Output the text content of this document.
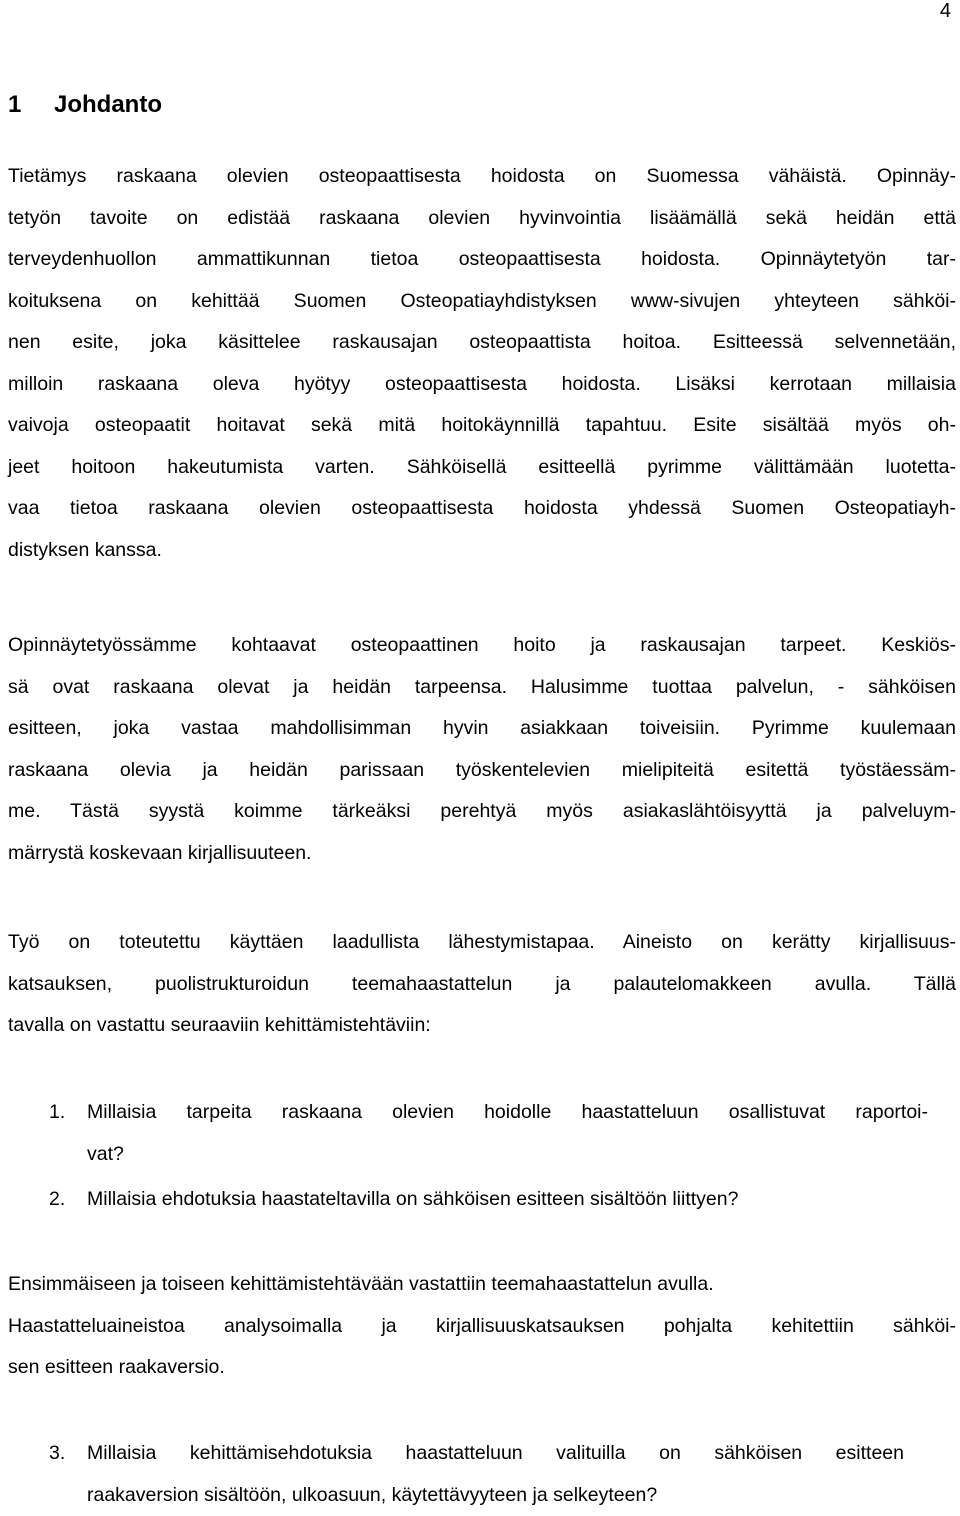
4
1 Johdanto
Tietämys raskaana olevien osteopaattisesta hoidosta on Suomessa vähäistä. Opinnäy-
tetyön tavoite on edistää raskaana olevien hyvinvointia lisäämällä sekä heidän että
terveydenhuollon ammattikunnan tietoa osteopaattisesta hoidosta. Opinnäytetyön tar-
koituksena on kehittää Suomen Osteopatiayhdistyksen www-sivujen yhteyteen sähköi-
nen esite, joka käsittelee raskausajan osteopaattista hoitoa. Esitteessä selvennetään,
milloin raskaana oleva hyötyy osteopaattisesta hoidosta. Lisäksi kerrotaan millaisia
vaivoja osteopaatit hoitavat sekä mitä hoitokäynnillä tapahtuu. Esite sisältää myös oh-
jeet hoitoon hakeutumista varten. Sähköisellä esitteellä pyrimme välittämään luotetta-
vaa tietoa raskaana olevien osteopaattisesta hoidosta yhdessä Suomen Osteopatiayh-
distyksen kanssa.
Opinnäytetyössämme kohtaavat osteopaattinen hoito ja raskausajan tarpeet. Keskiös-
sä ovat raskaana olevat ja heidän tarpeensa. Halusimme tuottaa palvelun, - sähköisen
esitteen, joka vastaa mahdollisimman hyvin asiakkaan toiveisiin. Pyrimme kuulemaan
raskaana olevia ja heidän parissaan työskentelevien mielipiteitä esitettä työstäessäm-
me. Tästä syystä koimme tärkeäksi perehtyä myös asiakaslähtöisyyttä ja palveluym-
märrystä koskevaan kirjallisuuteen.
Työ on toteutettu käyttäen laadullista lähestymistapaa. Aineisto on kerätty kirjallisuus-
katsauksen, puolistrukturoidun teemahaastattelun ja palautelomakkeen avulla. Tällä
tavalla on vastattu seuraaviin kehittämistehtäviin:
1. Millaisia tarpeita raskaana olevien hoidolle haastatteluun osallistuvat raportoi-
vat?
2. Millaisia ehdotuksia haastateltavilla on sähköisen esitteen sisältöön liittyen?
Ensimmäiseen ja toiseen kehittämistehtävään vastattiin teemahaastattelun avulla.
Haastatteluaineistoa analysoimalla ja kirjallisuuskatsauksen pohjalta kehitettiin sähköi-
sen esitteen raakaversio.
3. Millaisia kehittämisehdotuksia haastatteluun valituilla on sähköisen esitteen
raakaversion sisältöön, ulkoasuun, käytettävyyteen ja selkeyteen?
